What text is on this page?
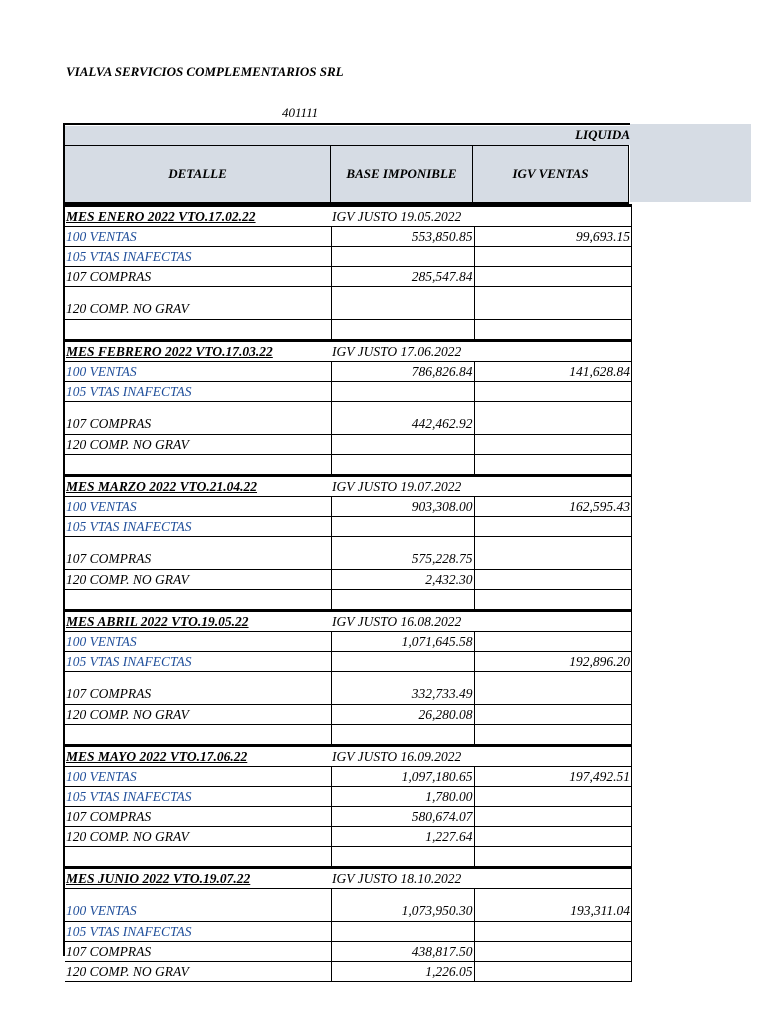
VIALVA SERVICIOS COMPLEMENTARIOS SRL
401111
LIQUIDA
DETALLE	BASE IMPONIBLE	IGV VENTAS
MES ENERO 2022 VTO.17.02.22	IGV JUSTO 19.05.2022	
100 VENTAS	553,850.85	99,693.15
105 VTAS INAFECTAS		
107 COMPRAS	285,547.84	
120 COMP. NO GRAV		

MES FEBRERO 2022 VTO.17.03.22	IGV JUSTO 17.06.2022	
100 VENTAS	786,826.84	141,628.84
105 VTAS INAFECTAS		
107 COMPRAS	442,462.92	
120 COMP. NO GRAV		

MES MARZO 2022 VTO.21.04.22	IGV JUSTO 19.07.2022	
100 VENTAS	903,308.00	162,595.43
105 VTAS INAFECTAS		
107 COMPRAS	575,228.75	
120 COMP. NO GRAV	2,432.30	

MES ABRIL 2022 VTO.19.05.22	IGV JUSTO 16.08.2022	
100 VENTAS	1,071,645.58	
105 VTAS INAFECTAS		192,896.20
107 COMPRAS	332,733.49	
120 COMP. NO GRAV	26,280.08	

MES MAYO 2022 VTO.17.06.22	IGV JUSTO 16.09.2022	
100 VENTAS	1,097,180.65	197,492.51
105 VTAS INAFECTAS	1,780.00	
107 COMPRAS	580,674.07	
120 COMP. NO GRAV	1,227.64	

MES JUNIO 2022 VTO.19.07.22	IGV JUSTO 18.10.2022	
100 VENTAS	1,073,950.30	193,311.04
105 VTAS INAFECTAS		
107 COMPRAS	438,817.50	
120 COMP. NO GRAV	1,226.05	
